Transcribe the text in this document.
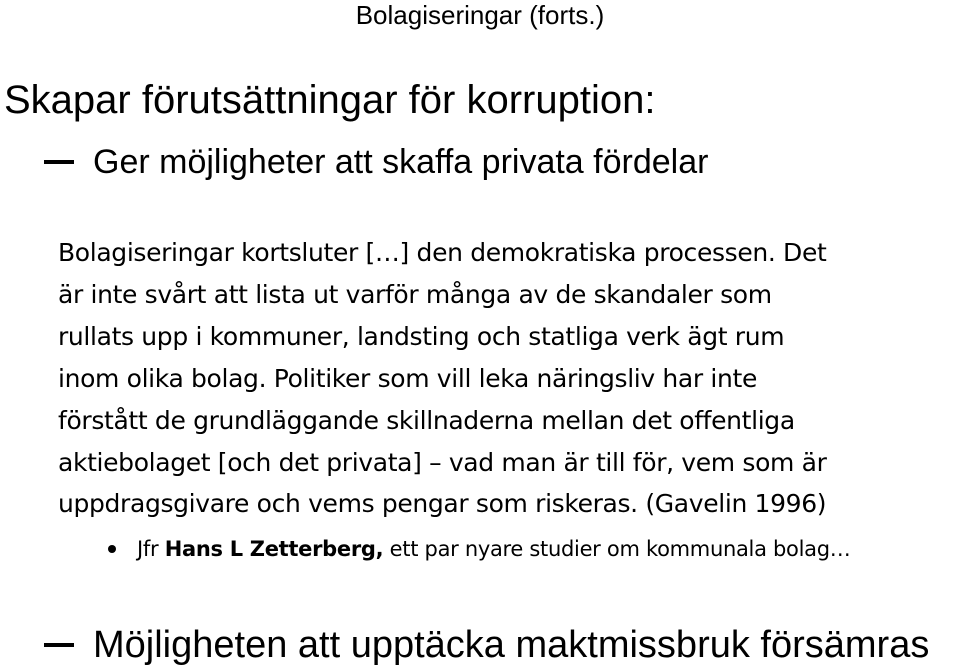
Bolagiseringar (forts.)
Skapar förutsättningar för korruption:
Ger möjligheter att skaffa privata fördelar
Bolagiseringar kortsluter […] den demokratiska processen. Det
är inte svårt att lista ut varför många av de skandaler som
rullats upp i kommuner, landsting och statliga verk ägt rum
inom olika bolag. Politiker som vill leka näringsliv har inte
förstått de grundläggande skillnaderna mellan det offentliga
aktiebolaget [och det privata] – vad man är till för, vem som är
uppdragsgivare och vems pengar som riskeras. (Gavelin 1996)
Jfr Hans L Zetterberg, ett par nyare studier om kommunala bolag…
Möjligheten att upptäcka maktmissbruk försämras
